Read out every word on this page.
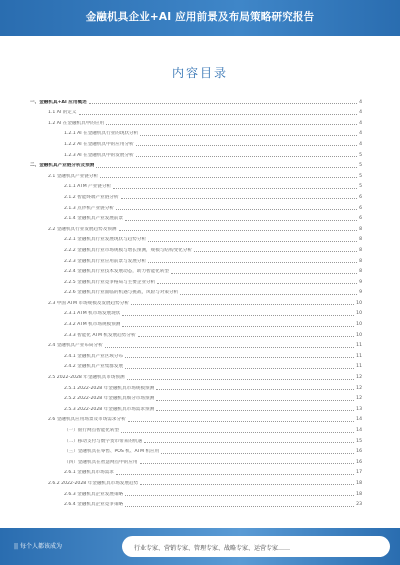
金融机具企业+AI 应用前景及布局策略研究报告
内容目录
一、 金融机具+AI 应用概述	4
1.1 AI 的定义	4
1.2 AI 在金融机具中的应用	4
1.2.1 AI 在金融机具行业的现状分析	4
1.2.2 AI 在金融机具中的应用分析	4
1.2.3 AI 在金融机具中的发展分析	5
二、 金融机具产业链分析及预测	5
2.1 金融机具产业链分析	5
2.1.1 ATM 产业链分析	5
2.1.2 智能终端产业链分析	6
2.1.3 点钞机产业链分析	6
2.1.4 金融机具产业发展前景	6
2.2 金融机具行业发展趋势及预测	8
2.2.1 金融机具行业发展现状与趋势分析	8
2.2.2 金融机具行业市场规模与增长预测，规模与结构变化分析	8
2.2.3 金融机具行业应用前景与发展分析	8
2.2.4 金融机具行业技术发展动态，助力智能化转型	8
2.2.5 金融机具行业竞争格局与主要企业分析	9
2.2.6 金融机具行业面临的机遇与挑战，风险与对策分析	9
2.3 中国 ATM 市场规模及发展趋势分析	10
2.3.1 ATM 机市场发展现状	10
2.3.2 ATM 机市场规模预测	10
2.3.3 智能化 ATM 机发展趋势分析	10
2.4 金融机具产业布局分析	11
2.4.1 金融机具产业区域分布	11
2.4.2 金融机具产业集群发展	11
2.5 2022-2028 年金融机具市场预测	12
2.5.1 2022-2028 年金融机具市场规模预测	12
2.5.2 2022-2028 年金融机具细分市场预测	12
2.5.3 2022-2028 年金融机具市场需求预测	13
2.6 金融机具应用场景及市场需求分析	14
（一）银行网点智能化转型	14
（二）移动支付与数字货币带来的机遇	15
（三）金融机具在零售、POS 机、ATM 机应用	16
（四）金融机具在智慧网点中的应用	16
2.6.1 金融机具市场需求	17
2.6.2 2022-2028 年金融机具市场发展趋势	18
2.6.3 金融机具企业发展策略	18
2.6.4 金融机具企业竞争策略	23
|| 每个人都该成为	行业专家、营销专家、管理专家、战略专家、运营专家……
